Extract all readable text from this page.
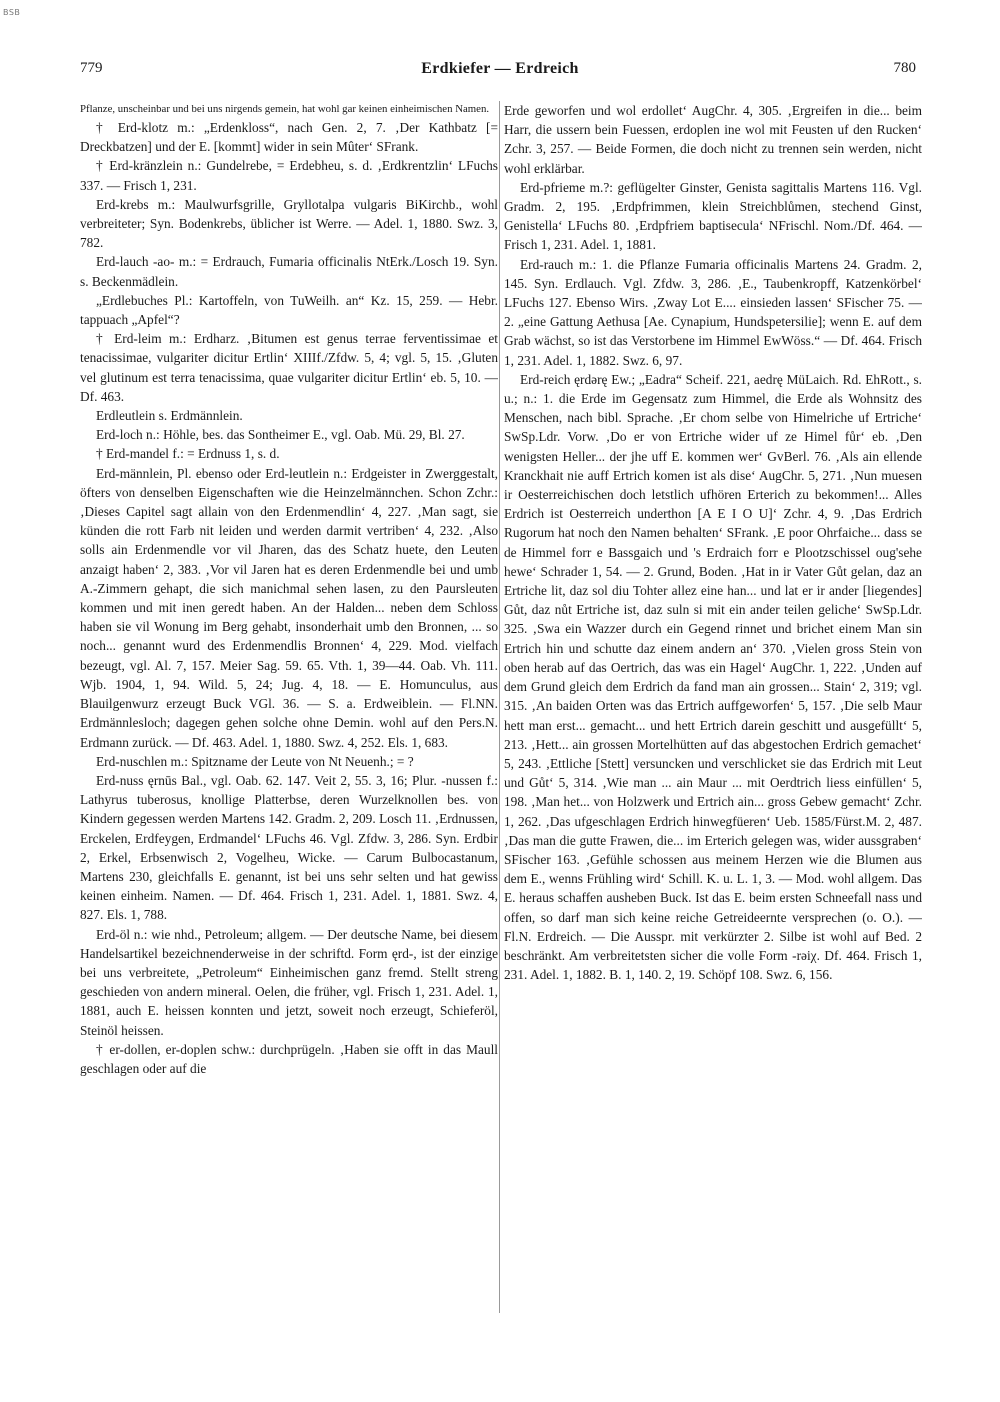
BSB
779	Erdkiefer — Erdreich	780

Pflanze, unscheinbar und bei uns nirgends gemein, hat wohl gar keinen einheimischen Namen.

† Erd-klotz m.: „Erdenkloss“, nach Gen. 2, 7. ‚Der Kathbatz [= Dreckbatzen] und der E. [kommt] wider in sein Mûter‘ SFrank.

† Erd-kränzlein n.: Gundelrebe, = Erdebheu, s. d. ‚Erdkrentzlin‘ LFuchs 337. — Frisch 1, 231.

Erd-krebs m.: Maulwurfsgrille, Gryllotalpa vulgaris BiKirchb., wohl verbreiteter; Syn. Bodenkrebs, üblicher ist Werre. — Adel. 1, 1880. Swz. 3, 782.

Erd-lauch -ao- m.: = Erdrauch, Fumaria officinalis NtErk./Losch 19. Syn. s. Beckenmädlein.

„Erdlebuches Pl.: Kartoffeln, von TuWeilh. an“ Kz. 15, 259. — Hebr. tappuach „Apfel“?

† Erd-leim m.: Erdharz. ‚Bitumen est genus terrae ferventissimae et tenacissimae, vulgariter dicitur Ertlin‘ XIIIf./Zfdw. 5, 4; vgl. 5, 15. ‚Gluten vel glutinum est terra tenacissima, quae vulgariter dicitur Ertlin‘ eb. 5, 10. — Df. 463.

Erdleutlein s. Erdmännlein.

Erd-loch n.: Höhle, bes. das Sontheimer E., vgl. Oab. Mü. 29, Bl. 27.

† Erd-mandel f.: = Erdnuss 1, s. d.

Erd-männlein, Pl. ebenso oder Erd-leutlein n.: Erdgeister in Zwerggestalt, öfters von denselben Eigenschaften wie die Heinzelmännchen. Schon Zchr.: ‚Dieses Capitel sagt allain von den Erdenmendlin‘ 4, 227. ‚Man sagt, sie künden die rott Farb nit leiden und werden darmit vertriben‘ 4, 232. ‚Also solls ain Erdenmendle vor vil Jharen, das des Schatz huete, den Leuten anzaigt haben‘ 2, 383. ‚Vor vil Jaren hat es deren Erdenmendle bei und umb A.-Zimmern gehapt, die sich manichmal sehen lasen, zu den Paursleuten kommen und mit inen geredt haben. An der Halden... neben dem Schloss haben sie vil Wonung im Berg gehabt, insonderhait umb den Bronnen, ... so noch... genannt wurd des Erdenmendlis Bronnen‘ 4, 229. Mod. vielfach bezeugt, vgl. Al. 7, 157. Meier Sag. 59. 65. Vth. 1, 39—44. Oab. Vh. 111. Wjb. 1904, 1, 94. Wild. 5, 24; Jug. 4, 18. — E. Homunculus, aus Blauilgenwurz erzeugt Buck VGl. 36. — S. a. Erdweiblein. — Fl.NN. Erdmännlesloch; dagegen gehen solche ohne Demin. wohl auf den Pers.N. Erdmann zurück. — Df. 463. Adel. 1, 1880. Swz. 4, 252. Els. 1, 683.

Erd-nuschlen m.: Spitzname der Leute von Nt Neuenh.; = ?

Erd-nuss ęrnūs Bal., vgl. Oab. 62. 147. Veit 2, 55. 3, 16; Plur. -nussen f.: Lathyrus tuberosus, knollige Platterbse, deren Wurzelknollen bes. von Kindern gegessen werden Martens 142. Gradm. 2, 209. Losch 11. ‚Erdnussen, Erckelen, Erdfeygen, Erdmandel‘ LFuchs 46. Vgl. Zfdw. 3, 286. Syn. Erdbir 2, Erkel, Erbsenwisch 2, Vogelheu, Wicke. — Carum Bulbocastanum, Martens 230, gleichfalls E. genannt, ist bei uns sehr selten und hat gewiss keinen einheim. Namen. — Df. 464. Frisch 1, 231. Adel. 1, 1881. Swz. 4, 827. Els. 1, 788.

Erd-öl n.: wie nhd., Petroleum; allgem. — Der deutsche Name, bei diesem Handelsartikel bezeichnenderweise in der schriftd. Form ęrd-, ist der einzige bei uns verbreitete, „Petroleum“ Einheimischen ganz fremd. Stellt streng geschieden von andern mineral. Oelen, die früher, vgl. Frisch 1, 231. Adel. 1, 1881, auch E. heissen konnten und jetzt, soweit noch erzeugt, Schieferöl, Steinöl heissen.

† er-dollen, er-doplen schw.: durchprügeln. ‚Haben sie offt in das Maull geschlagen oder auf die

Erde geworfen und wol erdollet‘ AugChr. 4, 305. ‚Ergreifen in die... beim Harr, die ussern bein Fuessen, erdoplen ine wol mit Feusten uf den Rucken‘ Zchr. 3, 257. — Beide Formen, die doch nicht zu trennen sein werden, nicht wohl erklärbar.

Erd-pfrieme m.?: geflügelter Ginster, Genista sagittalis Martens 116. Vgl. Gradm. 2, 195. ‚Erdpfrimmen, klein Streichblůmen, stechend Ginst, Genistella‘ LFuchs 80. ‚Erdpfriem baptisecula‘ NFrischl. Nom./Df. 464. — Frisch 1, 231. Adel. 1, 1881.

Erd-rauch m.: 1. die Pflanze Fumaria officinalis Martens 24. Gradm. 2, 145. Syn. Erdlauch. Vgl. Zfdw. 3, 286. ‚E., Taubenkropff, Katzenkörbel‘ LFuchs 127. Ebenso Wirs. ‚Zway Lot E.... einsieden lassen‘ SFischer 75. — 2. „eine Gattung Aethusa [Ae. Cynapium, Hundspetersilie]; wenn E. auf dem Grab wächst, so ist das Verstorbene im Himmel EwWöss.“ — Df. 464. Frisch 1, 231. Adel. 1, 1882. Swz. 6, 97.

Erd-reich ęrdərę Ew.; „Eadra“ Scheif. 221, aedrę MüLaich. Rd. EhRott., s. u.; n.: 1. die Erde im Gegensatz zum Himmel, die Erde als Wohnsitz des Menschen, nach bibl. Sprache. ‚Er chom selbe von Himelriche uf Ertriche‘ SwSp.Ldr. Vorw. ‚Do er von Ertriche wider uf ze Himel fůr‘ eb. ‚Den wenigsten Heller... der jhe uff E. kommen wer‘ GvBerl. 76. ‚Als ain ellende Kranckhait nie auff Ertrich komen ist als dise‘ AugChr. 5, 271. ‚Nun muesen ir Oesterreichischen doch letstlich ufhören Erterich zu bekommen!... Alles Erdrich ist Oesterreich underthon [A E I O U]‘ Zchr. 4, 9. ‚Das Erdrich Rugorum hat noch den Namen behalten‘ SFrank. ‚E poor Ohrfaiche... dass se de Himmel forr e Bassgaich und 's Erdraich forr e Plootzschissel oug'sehe hewe‘ Schrader 1, 54. — 2. Grund, Boden. ‚Hat in ir Vater Gůt gelan, daz an Ertriche lit, daz sol diu Tohter allez eine han... und lat er ir ander [liegendes] Gůt, daz nůt Ertriche ist, daz suln si mit ein ander teilen geliche‘ SwSp.Ldr. 325. ‚Swa ein Wazzer durch ein Gegend rinnet und brichet einem Man sin Ertrich hin und schutte daz einem andern an‘ 370. ‚Vielen gross Stein von oben herab auf das Oertrich, das was ein Hagel‘ AugChr. 1, 222. ‚Unden auf dem Grund gleich dem Erdrich da fand man ain grossen... Stain‘ 2, 319; vgl. 315. ‚An baiden Orten was das Ertrich auffgeworfen‘ 5, 157. ‚Die selb Maur hett man erst... gemacht... und hett Ertrich darein geschitt und ausgefüllt‘ 5, 213. ‚Hett... ain grossen Mortelhütten auf das abgestochen Erdrich gemachet‘ 5, 243. ‚Ettliche [Stett] versuncken und verschlicket sie das Erdrich mit Leut und Gůt‘ 5, 314. ‚Wie man ... ain Maur ... mit Oerdtrich liess einfüllen‘ 5, 198. ‚Man het... von Holzwerk und Ertrich ain... gross Gebew gemacht‘ Zchr. 1, 262. ‚Das ufgeschlagen Erdrich hinwegfüeren‘ Ueb. 1585/Fürst.M. 2, 487. ‚Das man die gutte Frawen, die... im Erterich gelegen was, wider aussgraben‘ SFischer 163. ‚Gefühle schossen aus meinem Herzen wie die Blumen aus dem E., wenns Frühling wird‘ Schill. K. u. L. 1, 3. — Mod. wohl allgem. Das E. heraus schaffen ausheben Buck. Ist das E. beim ersten Schneefall nass und offen, so darf man sich keine reiche Getreideernte versprechen (o. O.). — Fl.N. Erdreich. — Die Ausspr. mit verkürzter 2. Silbe ist wohl auf Bed. 2 beschränkt. Am verbreitetsten sicher die volle Form -rəiχ. Df. 464. Frisch 1, 231. Adel. 1, 1882. B. 1, 140. 2, 19. Schöpf 108. Swz. 6, 156.
